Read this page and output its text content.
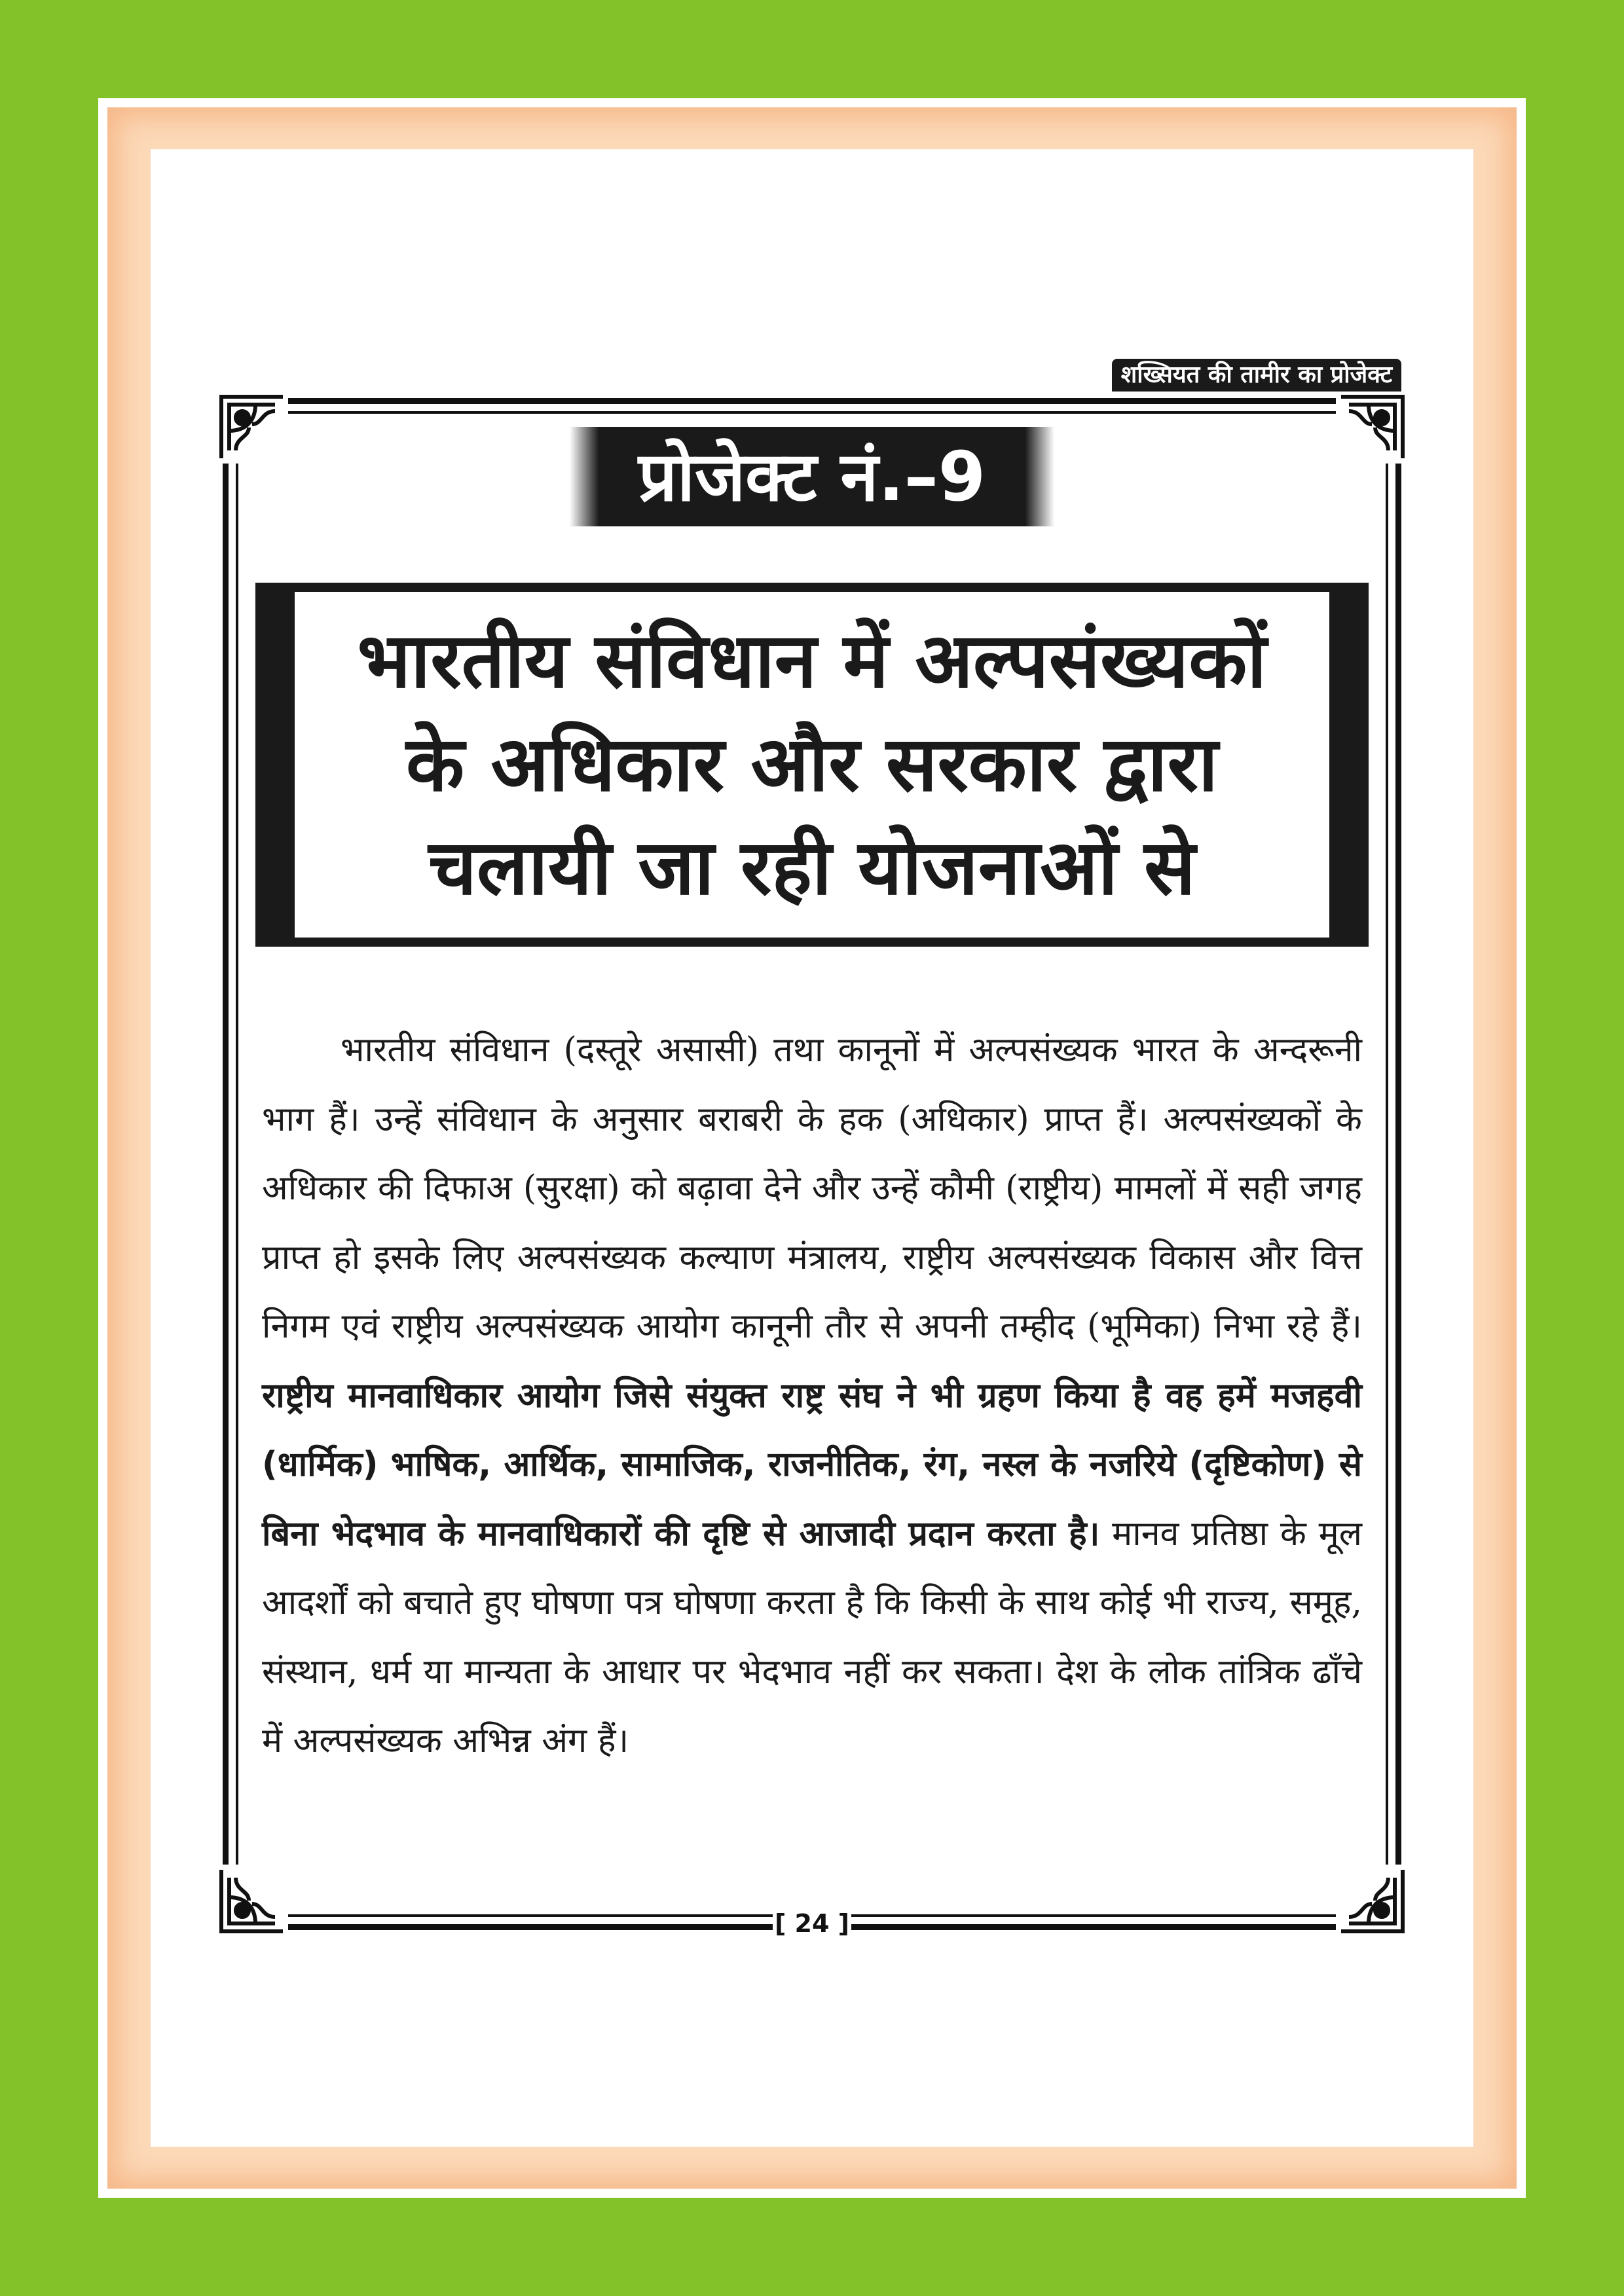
शख्सियत की तामीर का प्रोजेक्ट
प्रोजेक्ट नं.–9
भारतीय संविधान में अल्पसंख्यकों
के अधिकार और सरकार द्वारा
चलायी जा रही योजनाओं से

भारतीय संविधान (दस्तूरे असासी) तथा कानूनों में अल्पसंख्यक भारत के अन्दरूनी भाग हैं। उन्हें संविधान के अनुसार बराबरी के हक (अधिकार) प्राप्त हैं। अल्पसंख्यकों के अधिकार की दिफाअ (सुरक्षा) को बढ़ावा देने और उन्हें कौमी (राष्ट्रीय) मामलों में सही जगह प्राप्त हो इसके लिए अल्पसंख्यक कल्याण मंत्रालय, राष्ट्रीय अल्पसंख्यक विकास और वित्त निगम एवं राष्ट्रीय अल्पसंख्यक आयोग कानूनी तौर से अपनी तम्हीद (भूमिका) निभा रहे हैं। राष्ट्रीय मानवाधिकार आयोग जिसे संयुक्त राष्ट्र संघ ने भी ग्रहण किया है वह हमें मजहवी (धार्मिक) भाषिक, आर्थिक, सामाजिक, राजनीतिक, रंग, नस्ल के नजरिये (दृष्टिकोण) से बिना भेदभाव के मानवाधिकारों की दृष्टि से आजादी प्रदान करता है। मानव प्रतिष्ठा के मूल आदर्शों को बचाते हुए घोषणा पत्र घोषणा करता है कि किसी के साथ कोई भी राज्य, समूह, संस्थान, धर्म या मान्यता के आधार पर भेदभाव नहीं कर सकता। देश के लोक तांत्रिक ढाँचे में अल्पसंख्यक अभिन्न अंग हैं।

[ 24 ]
